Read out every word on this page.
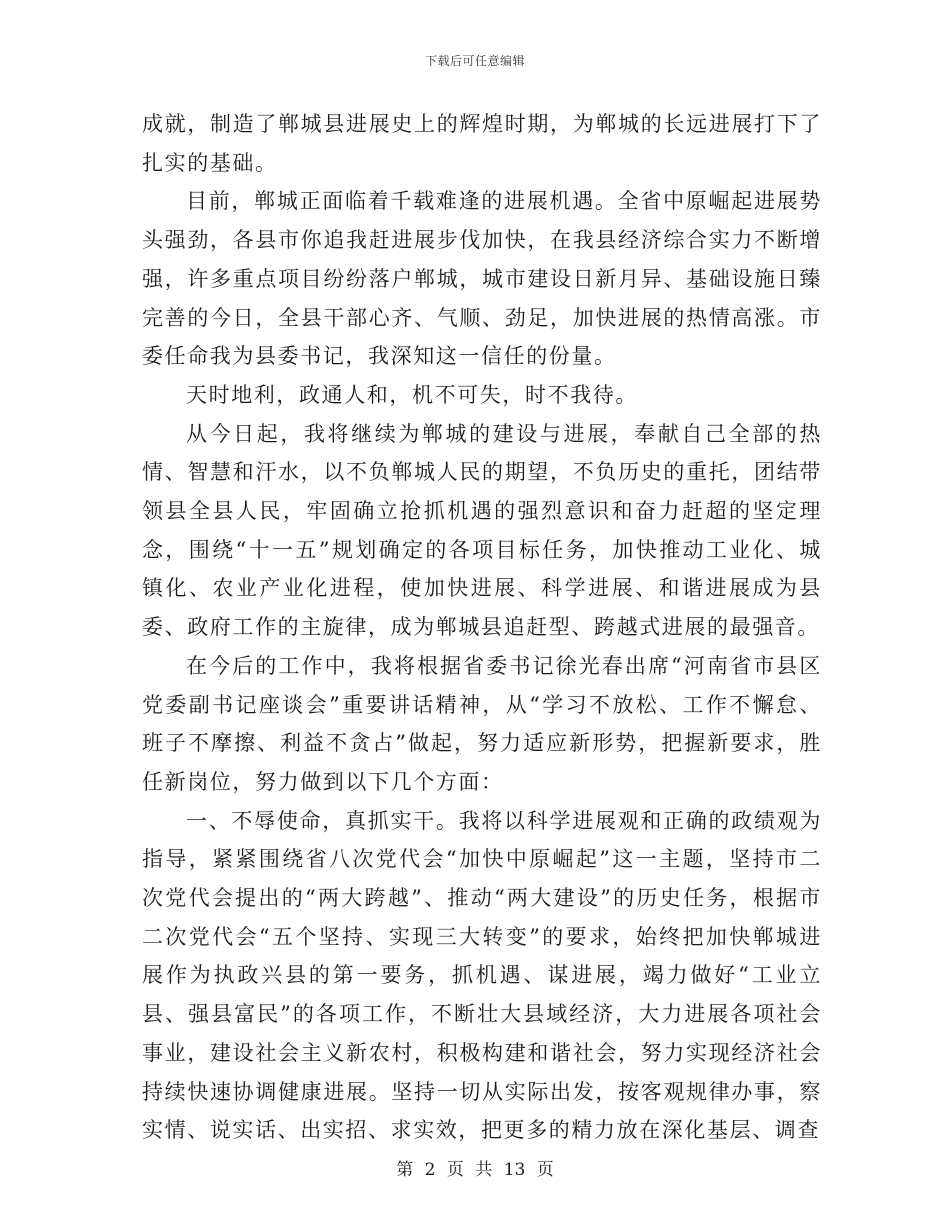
下载后可任意编辑

成就，制造了郸城县进展史上的辉煌时期，为郸城的长远进展打下了扎实的基础。

目前，郸城正面临着千载难逢的进展机遇。全省中原崛起进展势头强劲，各县市你追我赶进展步伐加快，在我县经济综合实力不断增强，许多重点项目纷纷落户郸城，城市建设日新月异、基础设施日臻完善的今日，全县干部心齐、气顺、劲足，加快进展的热情高涨。市委任命我为县委书记，我深知这一信任的份量。

天时地利，政通人和，机不可失，时不我待。

从今日起，我将继续为郸城的建设与进展，奉献自己全部的热情、智慧和汗水，以不负郸城人民的期望，不负历史的重托，团结带领县全县人民，牢固确立抢抓机遇的强烈意识和奋力赶超的坚定理念，围绕“十一五”规划确定的各项目标任务，加快推动工业化、城镇化、农业产业化进程，使加快进展、科学进展、和谐进展成为县委、政府工作的主旋律，成为郸城县追赶型、跨越式进展的最强音。

在今后的工作中，我将根据省委书记徐光春出席“河南省市县区党委副书记座谈会”重要讲话精神，从“学习不放松、工作不懈怠、班子不摩擦、利益不贪占”做起，努力适应新形势，把握新要求，胜任新岗位，努力做到以下几个方面：

一、不辱使命，真抓实干。我将以科学进展观和正确的政绩观为指导，紧紧围绕省八次党代会“加快中原崛起”这一主题，坚持市二次党代会提出的“两大跨越”、推动“两大建设”的历史任务，根据市二次党代会“五个坚持、实现三大转变”的要求，始终把加快郸城进展作为执政兴县的第一要务，抓机遇、谋进展，竭力做好“工业立县、强县富民”的各项工作，不断壮大县域经济，大力进展各项社会事业，建设社会主义新农村，积极构建和谐社会，努力实现经济社会持续快速协调健康进展。坚持一切从实际出发，按客观规律办事，察实情、说实话、出实招、求实效，把更多的精力放在深化基层、调查

第 2 页 共 13 页
